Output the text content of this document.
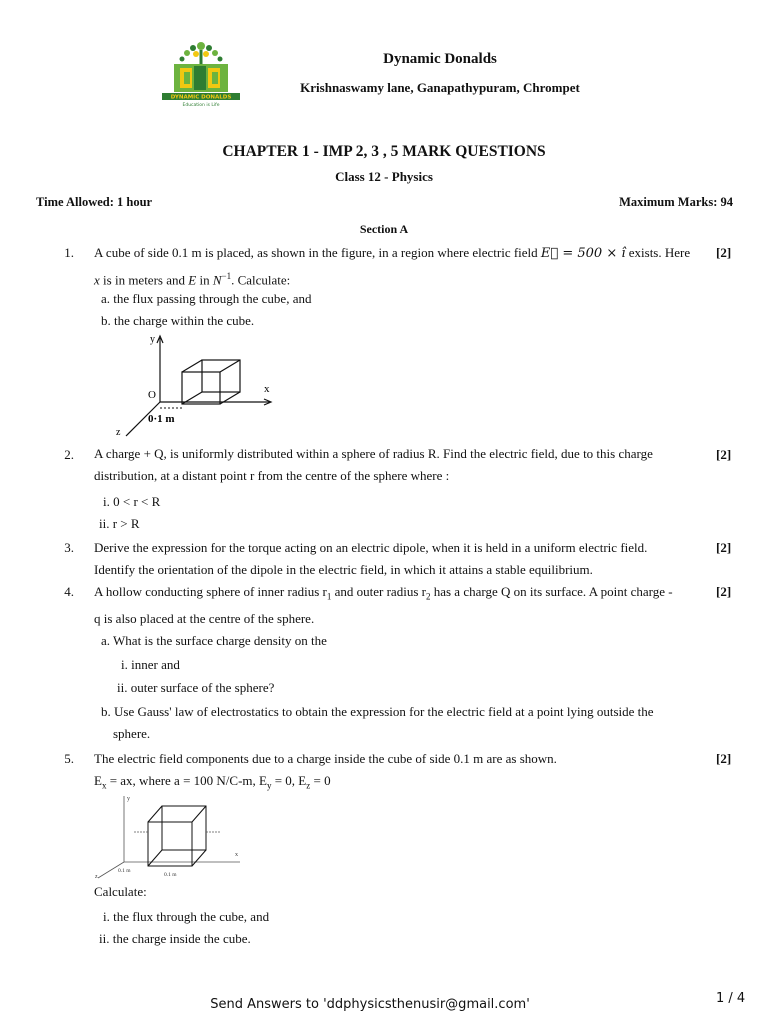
DYNAMIC DONALDS
Education is Life
Dynamic Donalds
Krishnaswamy lane, Ganapathypuram, Chrompet
CHAPTER 1 - IMP 2, 3 , 5 MARK QUESTIONS
Class 12 - Physics
Time Allowed: 1 hour	Maximum Marks: 94
Section A
1.	[2]
A cube of side 0.1 m is placed, as shown in the figure, in a region where electric field E⃗ = 500 × î exists. Here
x is in meters and E in $N^{-1}$. Calculate:
a. the flux passing through the cube, and
b. the charge within the cube.
y
x
z
O
0·1 m
2.	[2]
A charge + Q, is uniformly distributed within a sphere of radius R. Find the electric field, due to this charge
distribution, at a distant point r from the centre of the sphere where :
i. 0 < r < R
ii. r > R
3.	[2]
Derive the expression for the torque acting on an electric dipole, when it is held in a uniform electric field.
Identify the orientation of the dipole in the electric field, in which it attains a stable equilibrium.
4.	[2]
A hollow conducting sphere of inner radius $r_1$ and outer radius $r_2$ has a charge Q on its surface. A point charge -
q is also placed at the centre of the sphere.
a. What is the surface charge density on the
i. inner and
ii. outer surface of the sphere?
b. Use Gauss' law of electrostatics to obtain the expression for the electric field at a point lying outside the
sphere.
5.	[2]
The electric field components due to a charge inside the cube of side 0.1 m are as shown.
$E_x$ = ax, where a = 100 N/C-m, $E_y = 0$, $E_z = 0$
y
x
z
0.1 m
0.1 m
Calculate:
i. the flux through the cube, and
ii. the charge inside the cube.
Send Answers to 'ddphysicsthenusir@gmail.com'	1 / 4
